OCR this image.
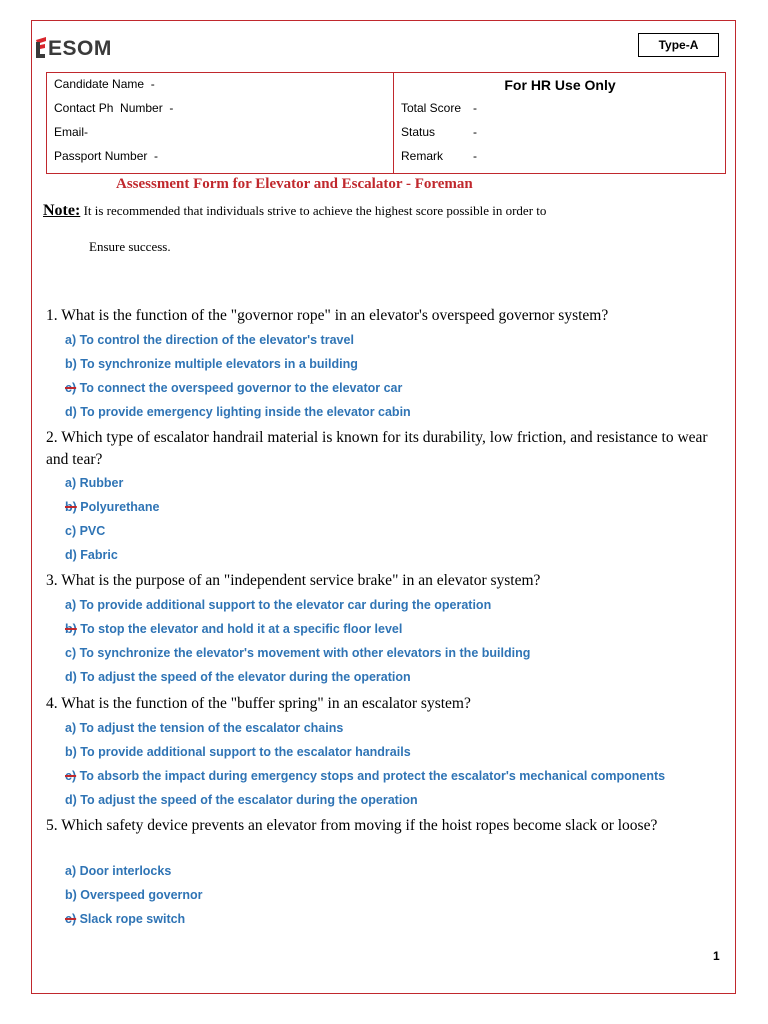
ESOM	Type-A
Candidate Name  -
Contact Ph  Number  -
Email-
Passport Number  -
For HR Use Only
Total Score -
Status	-
Remark	-
Assessment Form for Elevator and Escalator - Foreman
Note: It is recommended that individuals strive to achieve the highest score possible in order to
Ensure success.
1. What is the function of the "governor rope" in an elevator's overspeed governor system?
a) To control the direction of the elevator's travel
b) To synchronize multiple elevators in a building
c) To connect the overspeed governor to the elevator car
d) To provide emergency lighting inside the elevator cabin
2. Which type of escalator handrail material is known for its durability, low friction, and resistance to wear and tear?
a) Rubber
b) Polyurethane
c) PVC
d) Fabric
3. What is the purpose of an "independent service brake" in an elevator system?
a) To provide additional support to the elevator car during the operation
b) To stop the elevator and hold it at a specific floor level
c) To synchronize the elevator's movement with other elevators in the building
d) To adjust the speed of the elevator during the operation
4. What is the function of the "buffer spring" in an escalator system?
a) To adjust the tension of the escalator chains
b) To provide additional support to the escalator handrails
c) To absorb the impact during emergency stops and protect the escalator's mechanical components
d) To adjust the speed of the escalator during the operation
5. Which safety device prevents an elevator from moving if the hoist ropes become slack or loose?
a) Door interlocks
b) Overspeed governor
c) Slack rope switch
1
